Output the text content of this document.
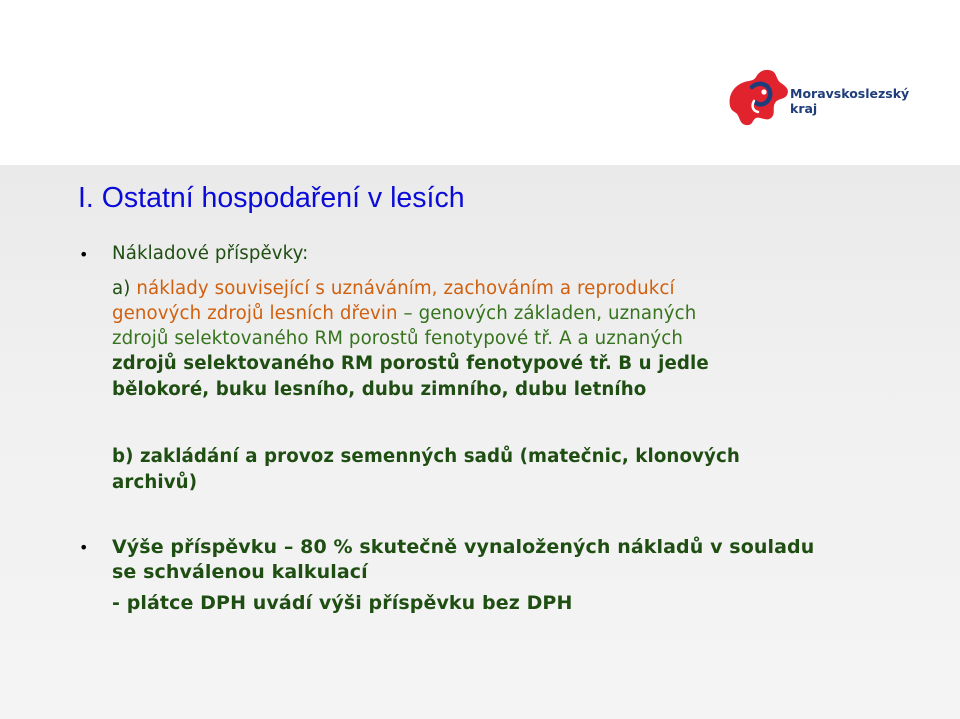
Moravskoslezský
kraj
I. Ostatní hospodaření v lesích
• Nákladové příspěvky:
a) náklady související s uznáváním, zachováním a reprodukcí
genových zdrojů lesních dřevin – genových základen, uznaných
zdrojů selektovaného RM porostů fenotypové tř. A a uznaných
zdrojů selektovaného RM porostů fenotypové tř. B u jedle
bělokoré, buku lesního, dubu zimního, dubu letního
b) zakládání a provoz semenných sadů (matečnic, klonových
archivů)
• Výše příspěvku – 80 % skutečně vynaložených nákladů v souladu
se schválenou kalkulací
- plátce DPH uvádí výši příspěvku bez DPH
